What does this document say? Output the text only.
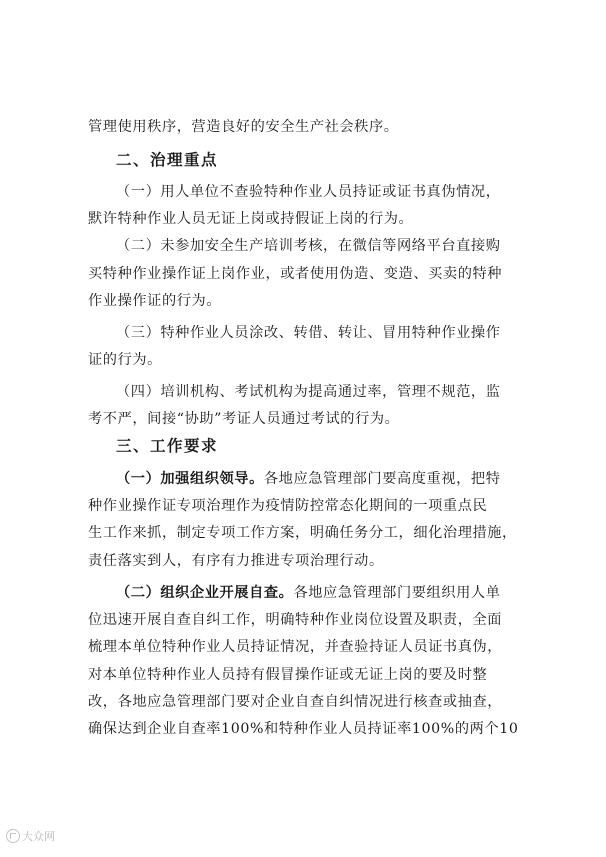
管理使用秩序，营造良好的安全生产社会秩序。
二、治理重点
（一）用人单位不查验特种作业人员持证或证书真伪情况，
默许特种作业人员无证上岗或持假证上岗的行为。
（二）未参加安全生产培训考核，在微信等网络平台直接购
买特种作业操作证上岗作业，或者使用伪造、变造、买卖的特种
作业操作证的行为。
（三）特种作业人员涂改、转借、转让、冒用特种作业操作
证的行为。
（四）培训机构、考试机构为提高通过率，管理不规范，监
考不严，间接“协助”考证人员通过考试的行为。
三、工作要求
（一）加强组织领导。各地应急管理部门要高度重视，把特
种作业操作证专项治理作为疫情防控常态化期间的一项重点民
生工作来抓，制定专项工作方案，明确任务分工，细化治理措施，
责任落实到人，有序有力推进专项治理行动。
（二）组织企业开展自查。各地应急管理部门要组织用人单
位迅速开展自查自纠工作，明确特种作业岗位设置及职责，全面
梳理本单位特种作业人员持证情况，并查验持证人员证书真伪，
对本单位特种作业人员持有假冒操作证或无证上岗的要及时整
改，各地应急管理部门要对企业自查自纠情况进行核查或抽查，
确保达到企业自查率100%和特种作业人员持证率100%的两个10
大众网
